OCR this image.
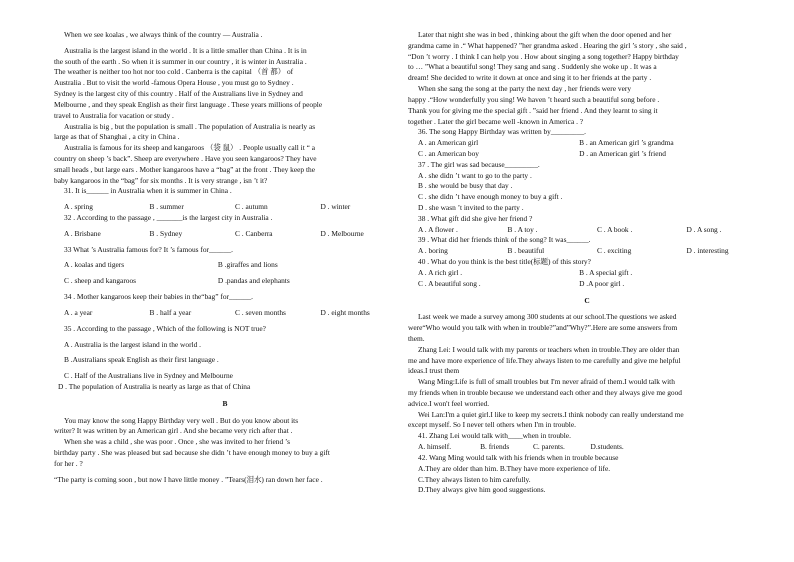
When we see koalas , we always think of the country — Australia .
Australia is the largest island in the world . It is a little smaller than China . It is in
the south of the earth . So when it is summer in our country , it is winter in Australia .
The weather is neither too hot nor too cold . Canberra is the capital （首 都） of
Australia . But to visit the world -famous Opera House , you must go to Sydney .
Sydney is the largest city of this country . Half of the Australians live in Sydney and
Melbourne , and they speak English as their first language . These years millions of people
travel to Australia for vacation or study .
Australia is big , but the population is small . The population of Australia is nearly as
large as that of Shanghai , a city in China .
Australia is famous for its sheep and kangaroos （袋 鼠） . People usually call it “ a
country on sheep ’s back”. Sheep are everywhere . Have you seen kangaroos? They have
small heads , but large ears . Mother kangaroos have a “bag” at the front . They keep the
baby kangaroos in the “bag” for six months . It is very strange , isn ’t it?
31. It is______ in Australia when it is summer in China .
A . spring	B . summer	C . autumn	D . winter
32 . According to the passage , _______is the largest city in Australia .
A . Brisbane	B . Sydney	C . Canberra	D . Melbourne
33 What ’s Australia famous for? It ’s famous for______.
A . koalas and tigers	B .giraffes and lions
C . sheep and kangaroos	D .pandas and elephants
34 . Mother kangaroos keep their babies in the“bag” for______.
A . a year	B . half a year	C . seven months	D . eight months
35 . According to the passage , Which of the following is NOT true?
A . Australia is the largest island in the world .
B .Australians speak English as their first language .
C . Half of the Australians live in Sydney and Melbourne
D . The population of Australia is nearly as large as that of China
B
You may know the song Happy Birthday very well . But do you know about its
writer? It was written by an American girl . And she became very rich after that .
When she was a child , she was poor . Once , she was invited to her friend ’s
birthday party . She was pleased but sad because she didn ’t have enough money to buy a gift
for her . ?
“The party is coming soon , but now I have little money . ”Tears(泪水) ran down her face .
Later that night she was in bed , thinking about the gift when the door opened and her
grandma came in .“ What happened? ”her grandma asked . Hearing the girl ’s story , she said ,
“Don ’t worry . I think I can help you . How about singing a song together? Happy birthday
to … ”What a beautiful song! They sang and sang . Suddenly she woke up . It was a
dream! She decided to write it down at once and sing it to her friends at the party .
When she sang the song at the party the next day , her friends were very
happy .“How wonderfully you sing! We haven ’t heard such a beautiful song before .
Thank you for giving me the special gift . ”said her friend . And they learnt to sing it
together . Later the girl became well -known in America . ?
36. The song Happy Birthday was written by_________.
A . an American girl	B . an American girl ’s grandma
C . an American boy	D . an American girl ’s friend
37 . The girl was sad because_________.
A . she didn ’t want to go to the party .
B . she would be busy that day .
C . she didn ’t have enough money to buy a gift .
D . she wasn ’t invited to the party .
38 . What gift did she give her friend ?
A . A flower .	B . A toy .	C . A book .	D . A song .
39 . What did her friends think of the song? It was______.
A . boring	B . beautiful	C . exciting	D . interesting
40 . What do you think is the best title(标题) of this story?
A . A rich girl .	B . A special gift .
C . A beautiful song .	D .A poor girl .
C
Last week we made a survey among 300 students at our school.The questions we asked
were“Who would you talk with when in trouble?”and”Why?”.Here are some answers from
them.
Zhang Lei: I would talk with my parents or teachers when in trouble.They are older than
me and have more experience of life.They always listen to me carefully and give me helpful
ideas.I trust them
Wang Ming:Life is full of small troubles but I'm never afraid of them.I would talk with
my friends when in trouble because we understand each other and they always give me good
advice.I won't feel worried.
Wei Lan:I'm a quiet girl.I like to keep my secrets.I think nobody can really understand me
except myself. So I never tell others when I'm in trouble.
41. Zhang Lei would talk with____when in trouble.
A. himself.	B. friends	C. parents.	D.students.
42. Wang Ming would talk with his friends when in trouble because
A.They are older than him. B.They have more experience of life.
C.They always listen to him carefully.
D.They always give him good suggestions.
